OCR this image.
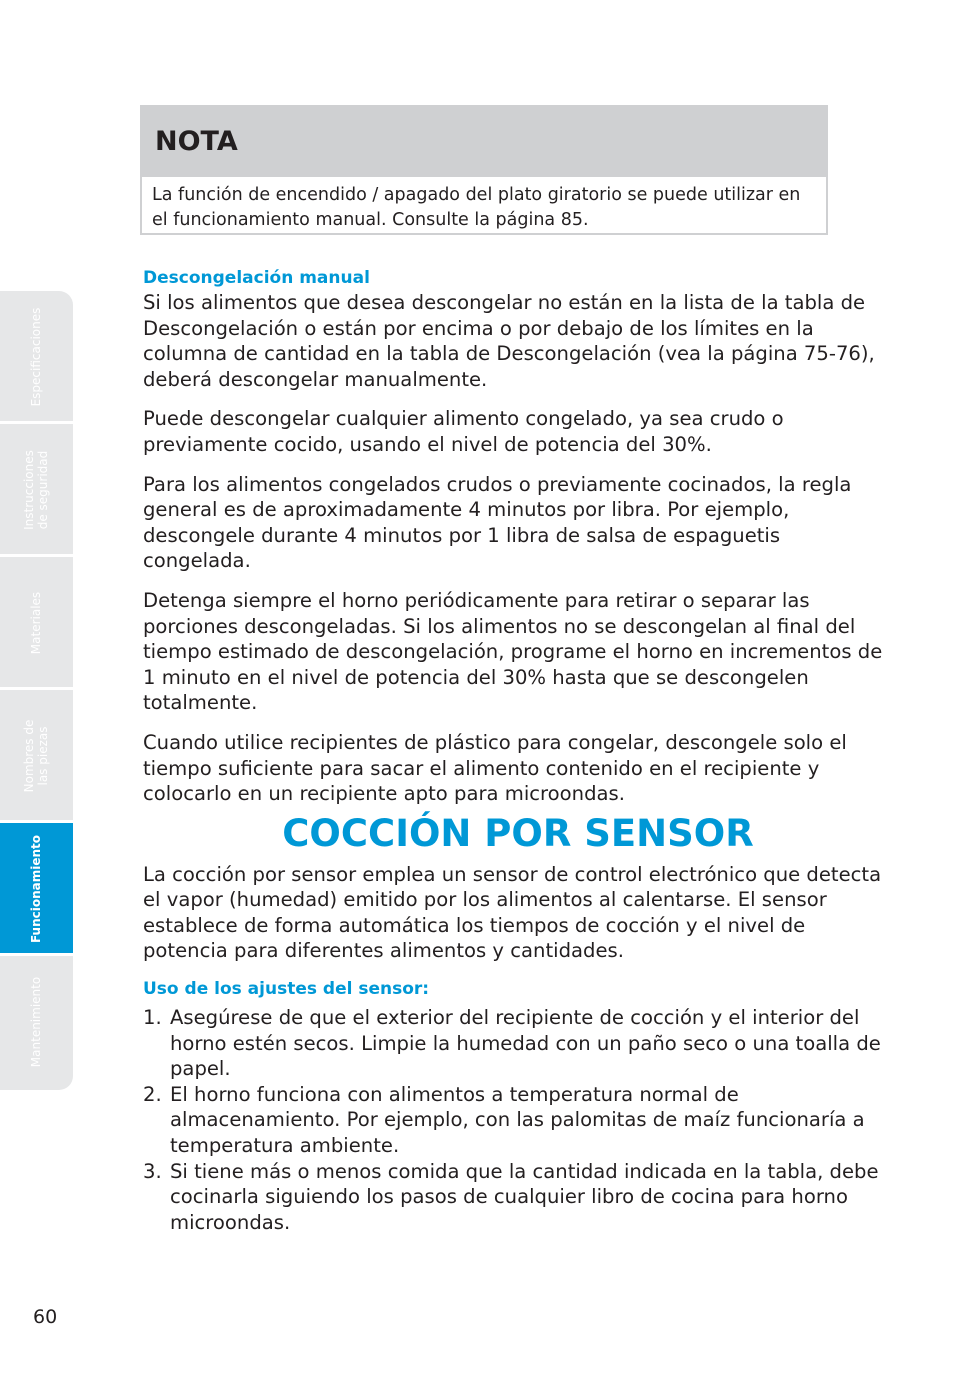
NOTA
La función de encendido / apagado del plato giratorio se puede utilizar en el funcionamiento manual. Consulte la página 85.
Especificaciones
Instrucciones de seguridad
Materiales
Nombres de las piezas
Funcionamiento
Mantenimiento
Descongelación manual

Si los alimentos que desea descongelar no están en la lista de la tabla de Descongelación o están por encima o por debajo de los límites en la columna de cantidad en la tabla de Descongelación (vea la página 75-76), deberá descongelar manualmente.

Puede descongelar cualquier alimento congelado, ya sea crudo o previamente cocido, usando el nivel de potencia del 30%.

Para los alimentos congelados crudos o previamente cocinados, la regla general es de aproximadamente 4 minutos por libra. Por ejemplo, descongele durante 4 minutos por 1 libra de salsa de espaguetis congelada.

Detenga siempre el horno periódicamente para retirar o separar las porciones descongeladas. Si los alimentos no se descongelan al final del tiempo estimado de descongelación, programe el horno en incrementos de 1 minuto en el nivel de potencia del 30% hasta que se descongelen totalmente.

Cuando utilice recipientes de plástico para congelar, descongele solo el tiempo suficiente para sacar el alimento contenido en el recipiente y colocarlo en un recipiente apto para microondas.

COCCIÓN POR SENSOR

La cocción por sensor emplea un sensor de control electrónico que detecta el vapor (humedad) emitido por los alimentos al calentarse. El sensor establece de forma automática los tiempos de cocción y el nivel de potencia para diferentes alimentos y cantidades.

Uso de los ajustes del sensor:
1. Asegúrese de que el exterior del recipiente de cocción y el interior del horno estén secos. Limpie la humedad con un paño seco o una toalla de papel.
2. El horno funciona con alimentos a temperatura normal de almacenamiento. Por ejemplo, con las palomitas de maíz funcionaría a temperatura ambiente.
3. Si tiene más o menos comida que la cantidad indicada en la tabla, debe cocinarla siguiendo los pasos de cualquier libro de cocina para horno microondas.
60
